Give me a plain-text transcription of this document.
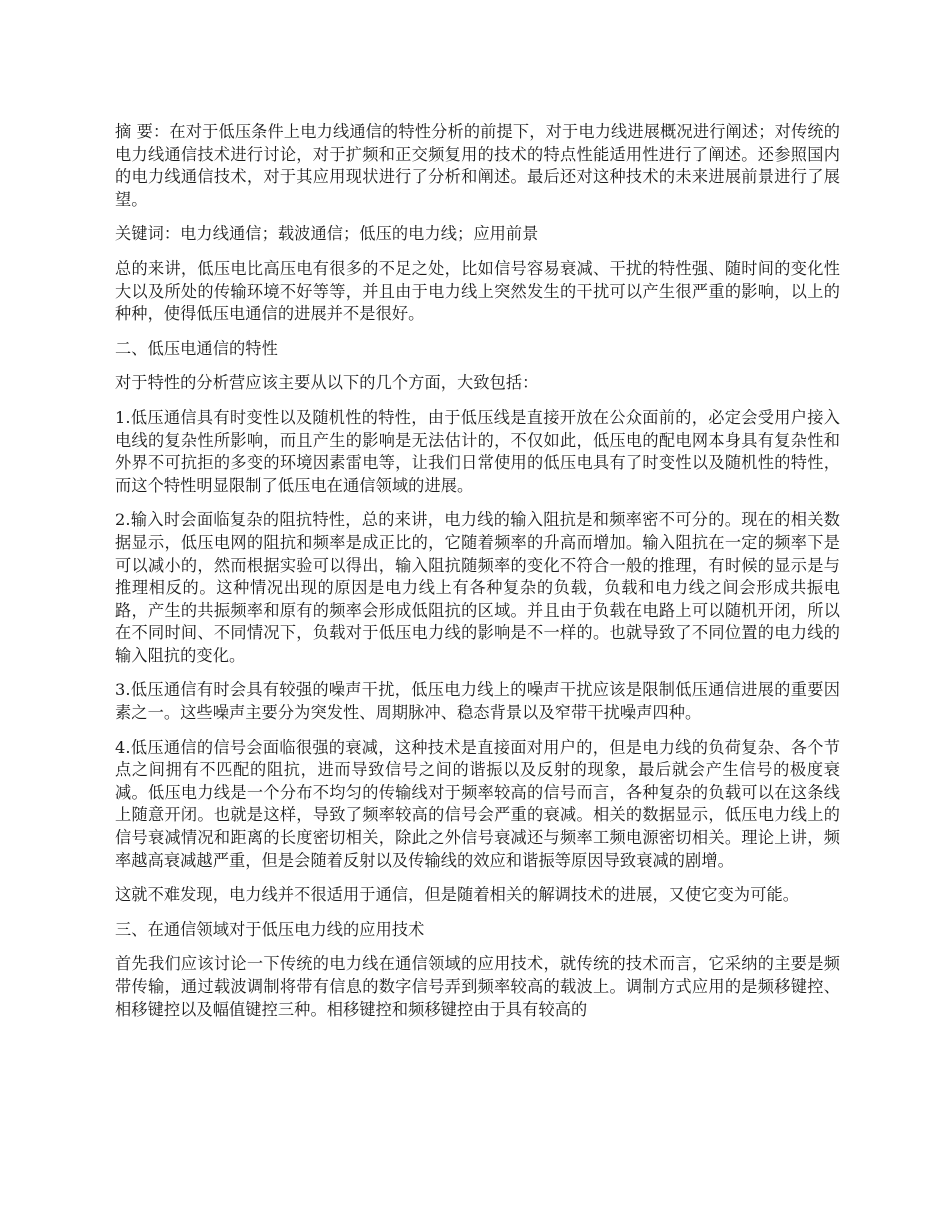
摘 要：在对于低压条件上电力线通信的特性分析的前提下，对于电力线进展概况进行阐述；对传统的电力线通信技术进行讨论，对于扩频和正交频复用的技术的特点性能适用性进行了阐述。还参照国内的电力线通信技术，对于其应用现状进行了分析和阐述。最后还对这种技术的未来进展前景进行了展望。

关键词：电力线通信；载波通信；低压的电力线；应用前景

总的来讲，低压电比高压电有很多的不足之处，比如信号容易衰减、干扰的特性强、随时间的变化性大以及所处的传输环境不好等等，并且由于电力线上突然发生的干扰可以产生很严重的影响，以上的种种，使得低压电通信的进展并不是很好。

二、低压电通信的特性

对于特性的分析营应该主要从以下的几个方面，大致包括：

1.低压通信具有时变性以及随机性的特性，由于低压线是直接开放在公众面前的，必定会受用户接入电线的复杂性所影响，而且产生的影响是无法估计的，不仅如此，低压电的配电网本身具有复杂性和外界不可抗拒的多变的环境因素雷电等，让我们日常使用的低压电具有了时变性以及随机性的特性，而这个特性明显限制了低压电在通信领域的进展。

2.输入时会面临复杂的阻抗特性，总的来讲，电力线的输入阻抗是和频率密不可分的。现在的相关数据显示，低压电网的阻抗和频率是成正比的，它随着频率的升高而增加。输入阻抗在一定的频率下是可以减小的，然而根据实验可以得出，输入阻抗随频率的变化不符合一般的推理，有时候的显示是与推理相反的。这种情况出现的原因是电力线上有各种复杂的负载，负载和电力线之间会形成共振电路，产生的共振频率和原有的频率会形成低阻抗的区域。并且由于负载在电路上可以随机开闭，所以在不同时间、不同情况下，负载对于低压电力线的影响是不一样的。也就导致了不同位置的电力线的输入阻抗的变化。

3.低压通信有时会具有较强的噪声干扰，低压电力线上的噪声干扰应该是限制低压通信进展的重要因素之一。这些噪声主要分为突发性、周期脉冲、稳态背景以及窄带干扰噪声四种。

4.低压通信的信号会面临很强的衰减，这种技术是直接面对用户的，但是电力线的负荷复杂、各个节点之间拥有不匹配的阻抗，进而导致信号之间的谐振以及反射的现象，最后就会产生信号的极度衰减。低压电力线是一个分布不均匀的传输线对于频率较高的信号而言，各种复杂的负载可以在这条线上随意开闭。也就是这样，导致了频率较高的信号会严重的衰减。相关的数据显示，低压电力线上的信号衰减情况和距离的长度密切相关，除此之外信号衰减还与频率工频电源密切相关。理论上讲，频率越高衰减越严重，但是会随着反射以及传输线的效应和谐振等原因导致衰减的剧增。

这就不难发现，电力线并不很适用于通信，但是随着相关的解调技术的进展，又使它变为可能。

三、在通信领域对于低压电力线的应用技术

首先我们应该讨论一下传统的电力线在通信领域的应用技术，就传统的技术而言，它采纳的主要是频带传输，通过载波调制将带有信息的数字信号弄到频率较高的载波上。调制方式应用的是频移键控、相移键控以及幅值键控三种。相移键控和频移键控由于具有较高的
